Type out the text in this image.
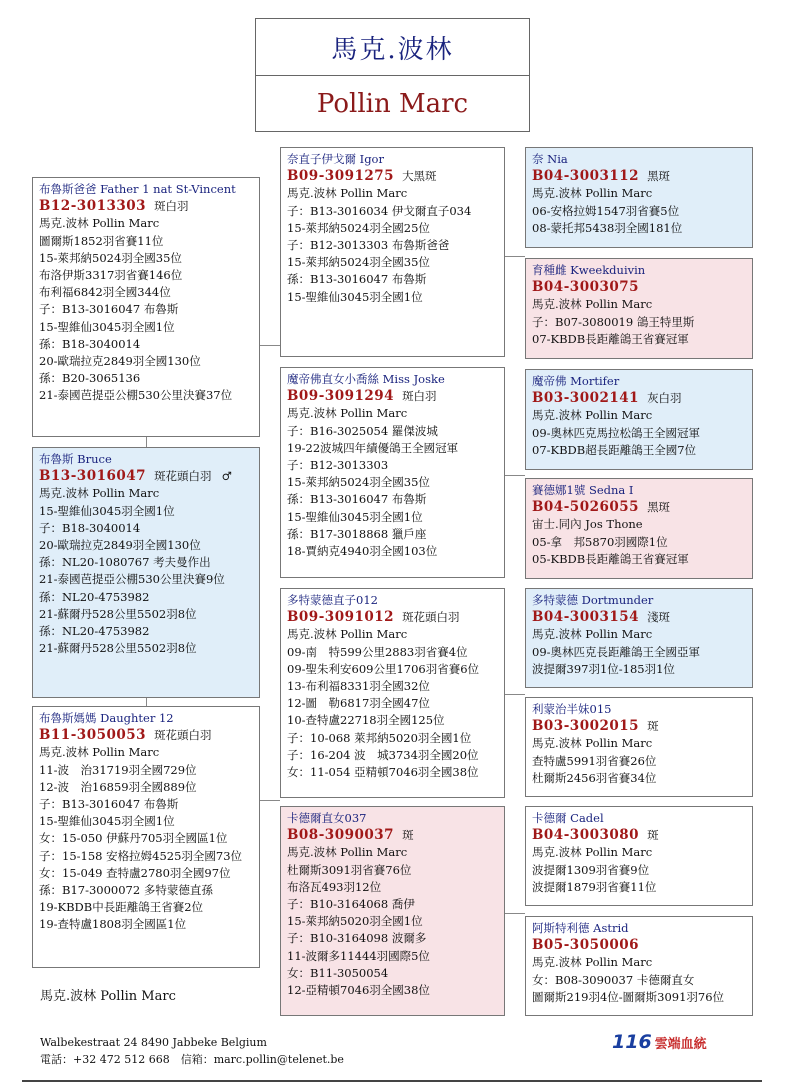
馬克.波林
Pollin Marc
布魯斯爸爸 Father 1 nat St-Vincent
B12-3013303 斑白羽
馬克.波林 Pollin Marc
圖爾斯1852羽省賽11位
15-萊邦納5024羽全國35位
布洛伊斯3317羽省賽146位
布利福6842羽全國344位
子：B13-3016047 布魯斯
15-聖維仙3045羽全國1位
孫：B18-3040014
20-歐瑞拉克2849羽全國130位
孫：B20-3065136
21-泰國芭提亞公棚530公里決賽37位
布魯斯 Bruce
B13-3016047 斑花頭白羽 ♂
馬克.波林 Pollin Marc
15-聖維仙3045羽全國1位
子：B18-3040014
20-歐瑞拉克2849羽全國130位
孫：NL20-1080767 考夫曼作出
21-泰國芭提亞公棚530公里決賽9位
孫：NL20-4753982
21-蘇爾丹528公里5502羽8位
孫：NL20-4753982
21-蘇爾丹528公里5502羽8位
布魯斯媽媽 Daughter 12
B11-3050053 斑花頭白羽
馬克.波林 Pollin Marc
11-波　治31719羽全國729位
12-波　治16859羽全國889位
子：B13-3016047 布魯斯
15-聖維仙3045羽全國1位
女：15-050 伊蘇丹705羽全國區1位
子：15-158 安格拉姆4525羽全國73位
女：15-049 查特盧2780羽全國97位
孫：B17-3000072 多特蒙德直孫
19-KBDB中長距離鴿王省賽2位
19-查特盧1808羽全國區1位
奈直子伊戈爾 Igor
B09-3091275 大黑斑
馬克.波林 Pollin Marc
子：B13-3016034 伊戈爾直子034
15-萊邦納5024羽全國25位
子：B12-3013303 布魯斯爸爸
15-萊邦納5024羽全國35位
孫：B13-3016047 布魯斯
15-聖維仙3045羽全國1位
魔帝佛直女小喬絲 Miss Joske
B09-3091294 斑白羽
馬克.波林 Pollin Marc
子：B16-3025054 羅傑波城
19-22波城四年績優鴿王全國冠軍
子：B12-3013303
15-萊邦納5024羽全國35位
孫：B13-3016047 布魯斯
15-聖維仙3045羽全國1位
孫：B17-3018868 獵戶座
18-賈納克4940羽全國103位
多特蒙德直子012
B09-3091012 斑花頭白羽
馬克.波林 Pollin Marc
09-南　特599公里2883羽省賽4位
09-聖朱利安609公里1706羽省賽6位
13-布利福8331羽全國32位
12-圖　勒6817羽全國47位
10-查特盧22718羽全國125位
子：10-068 萊邦納5020羽全國1位
子：16-204 波　城3734羽全國20位
女：11-054 亞精頓7046羽全國38位
卡德爾直女037
B08-3090037 斑
馬克.波林 Pollin Marc
杜爾斯3091羽省賽76位
布洛瓦493羽12位
子：B10-3164068 喬伊
15-萊邦納5020羽全國1位
子：B10-3164098 波爾多
11-波爾多11444羽國際5位
女：B11-3050054
12-亞精頓7046羽全國38位
奈 Nia
B04-3003112 黑斑
馬克.波林 Pollin Marc
06-安格拉姆1547羽省賽5位
08-蒙托邦5438羽全國181位
育種雌 Kweekduivin
B04-3003075
馬克.波林 Pollin Marc
子：B07-3080019 鴿王特里斯
07-KBDB長距離鴿王省賽冠軍
魔帝佛 Mortifer
B03-3002141 灰白羽
馬克.波林 Pollin Marc
09-奧林匹克馬拉松鴿王全國冠軍
07-KBDB超長距離鴿王全國7位
賽德娜1號 Sedna I
B04-5026055 黑斑
宙士.同內 Jos Thone
05-拿　邦5870羽國際1位
05-KBDB長距離鴿王省賽冠軍
多特蒙德 Dortmunder
B04-3003154 淺斑
馬克.波林 Pollin Marc
09-奧林匹克長距離鴿王全國亞軍
波提爾397羽1位-185羽1位
利蒙治半妹015
B03-3002015 斑
馬克.波林 Pollin Marc
查特盧5991羽省賽26位
杜爾斯2456羽省賽34位
卡德爾 Cadel
B04-3003080 斑
馬克.波林 Pollin Marc
波提爾1309羽省賽9位
波提爾1879羽省賽11位
阿斯特利德 Astrid
B05-3050006
馬克.波林 Pollin Marc
女：B08-3090037 卡德爾直女
圖爾斯219羽4位-圖爾斯3091羽76位
馬克.波林 Pollin Marc
Walbekestraat 24 8490 Jabbeke Belgium
電話：+32 472 512 668　信箱：marc.pollin@telenet.be
116 雲端血統
